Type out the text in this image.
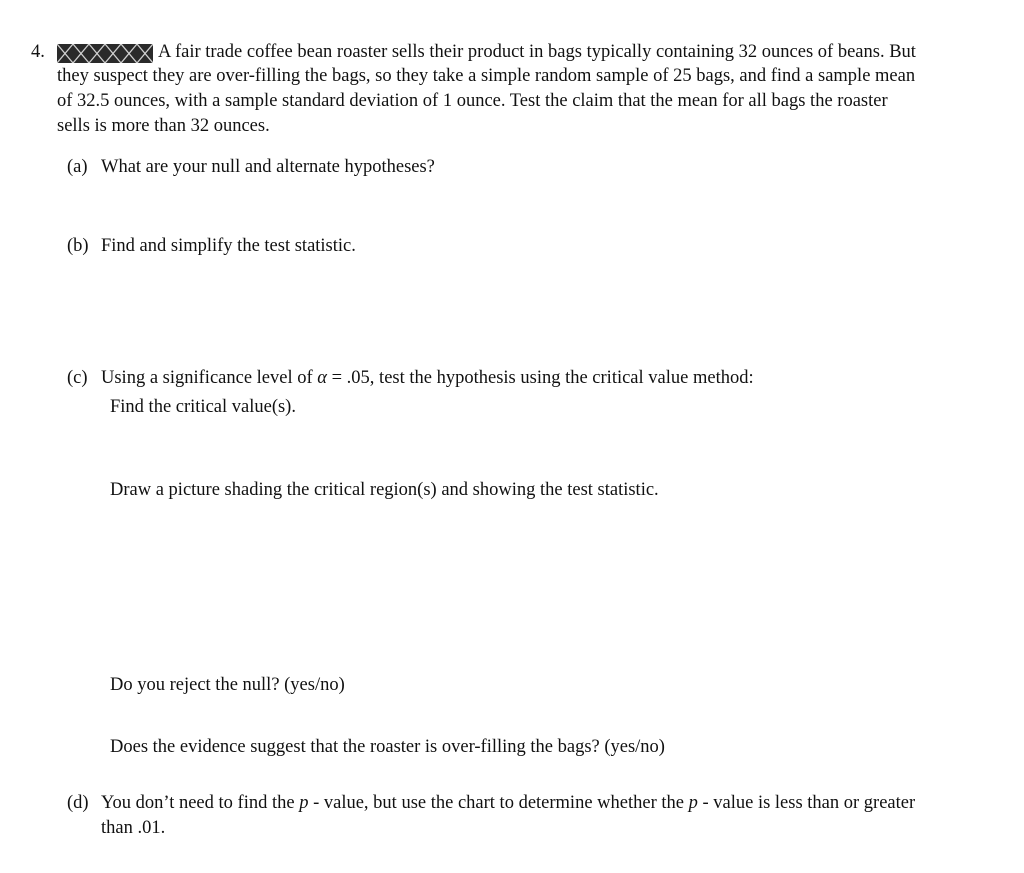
4.	A fair trade coffee bean roaster sells their product in bags typically containing 32 ounces of beans. But
they suspect they are over-filling the bags, so they take a simple random sample of 25 bags, and find a sample mean
of 32.5 ounces, with a sample standard deviation of 1 ounce. Test the claim that the mean for all bags the roaster
sells is more than 32 ounces.
(a) What are your null and alternate hypotheses?
(b) Find and simplify the test statistic.
(c) Using a significance level of α = .05, test the hypothesis using the critical value method:
Find the critical value(s).
Draw a picture shading the critical region(s) and showing the test statistic.
Do you reject the null? (yes/no)
Does the evidence suggest that the roaster is over-filling the bags? (yes/no)
(d) You don’t need to find the p - value, but use the chart to determine whether the p - value is less than or greater
than .01.
